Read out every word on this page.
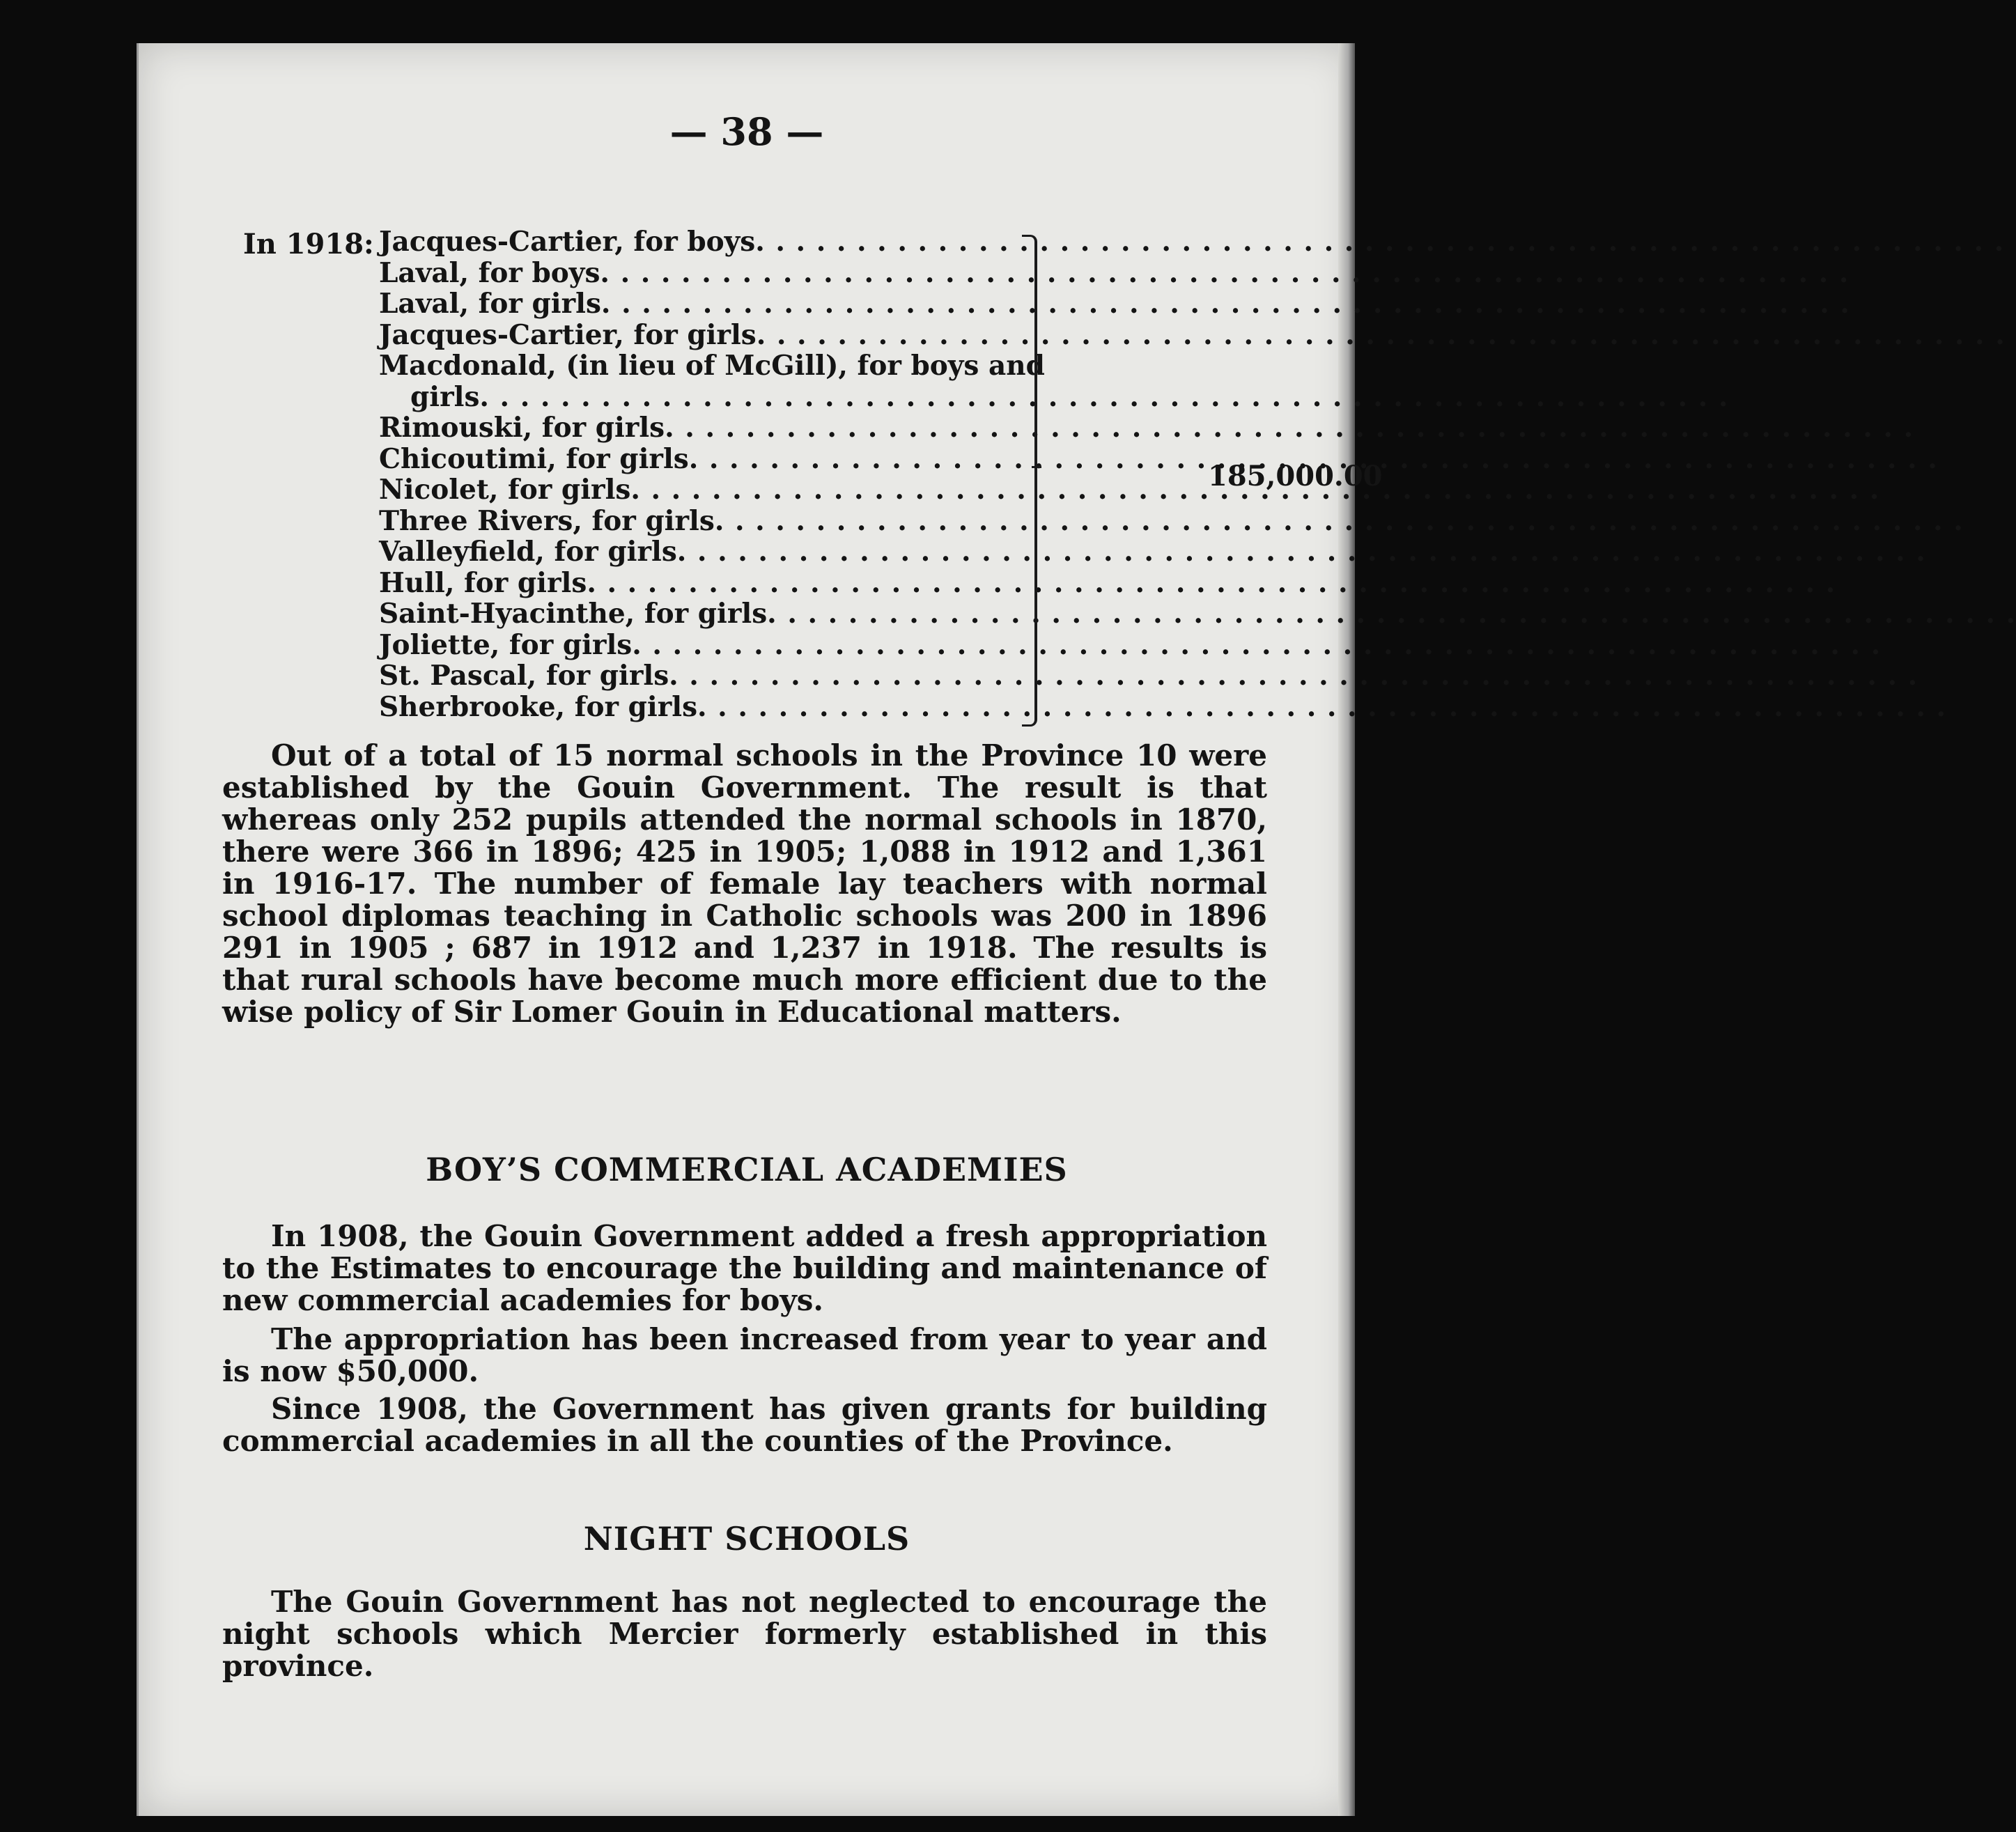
— 38 —
In 1918: Jacques-Cartier, for boys
. . .
Laval, for boys
. . .
Laval, for girls
. . .
Jacques-Cartier, for girls
. . .
Macdonald, (in lieu of McGill), for boys and
girls
. . .
Rimouski, for girls
. . .
Chicoutimi, for girls
. . .
Nicolet, for girls
. . .
Three Rivers, for girls
. . .
Valleyfield, for girls
. . .
Hull, for girls
. . .
Saint-Hyacinthe, for girls
. . .
Joliette, for girls
. . .
St. Pascal, for girls
. . .
Sherbrooke, for girls
. . .
185,000.00

Out of a total of 15 normal schools in the Province 10 were established by the Gouin Government. The result is that whereas only 252 pupils attended the normal schools in 1870, there were 366 in 1896; 425 in 1905; 1,088 in 1912 and 1,361 in 1916-17. The number of female lay teachers with normal school diplomas teaching in Catholic schools was 200 in 1896 291 in 1905 ; 687 in 1912 and 1,237 in 1918. The results is that rural schools have become much more efficient due to the wise policy of Sir Lomer Gouin in Educational matters.

BOY’S COMMERCIAL ACADEMIES

In 1908, the Gouin Government added a fresh appropriation to the Estimates to encourage the building and maintenance of new commercial academies for boys.

The appropriation has been increased from year to year and is now $50,000.

Since 1908, the Government has given grants for building commercial academies in all the counties of the Province.

NIGHT SCHOOLS

The Gouin Government has not neglected to encourage the night schools which Mercier formerly established in this province.
